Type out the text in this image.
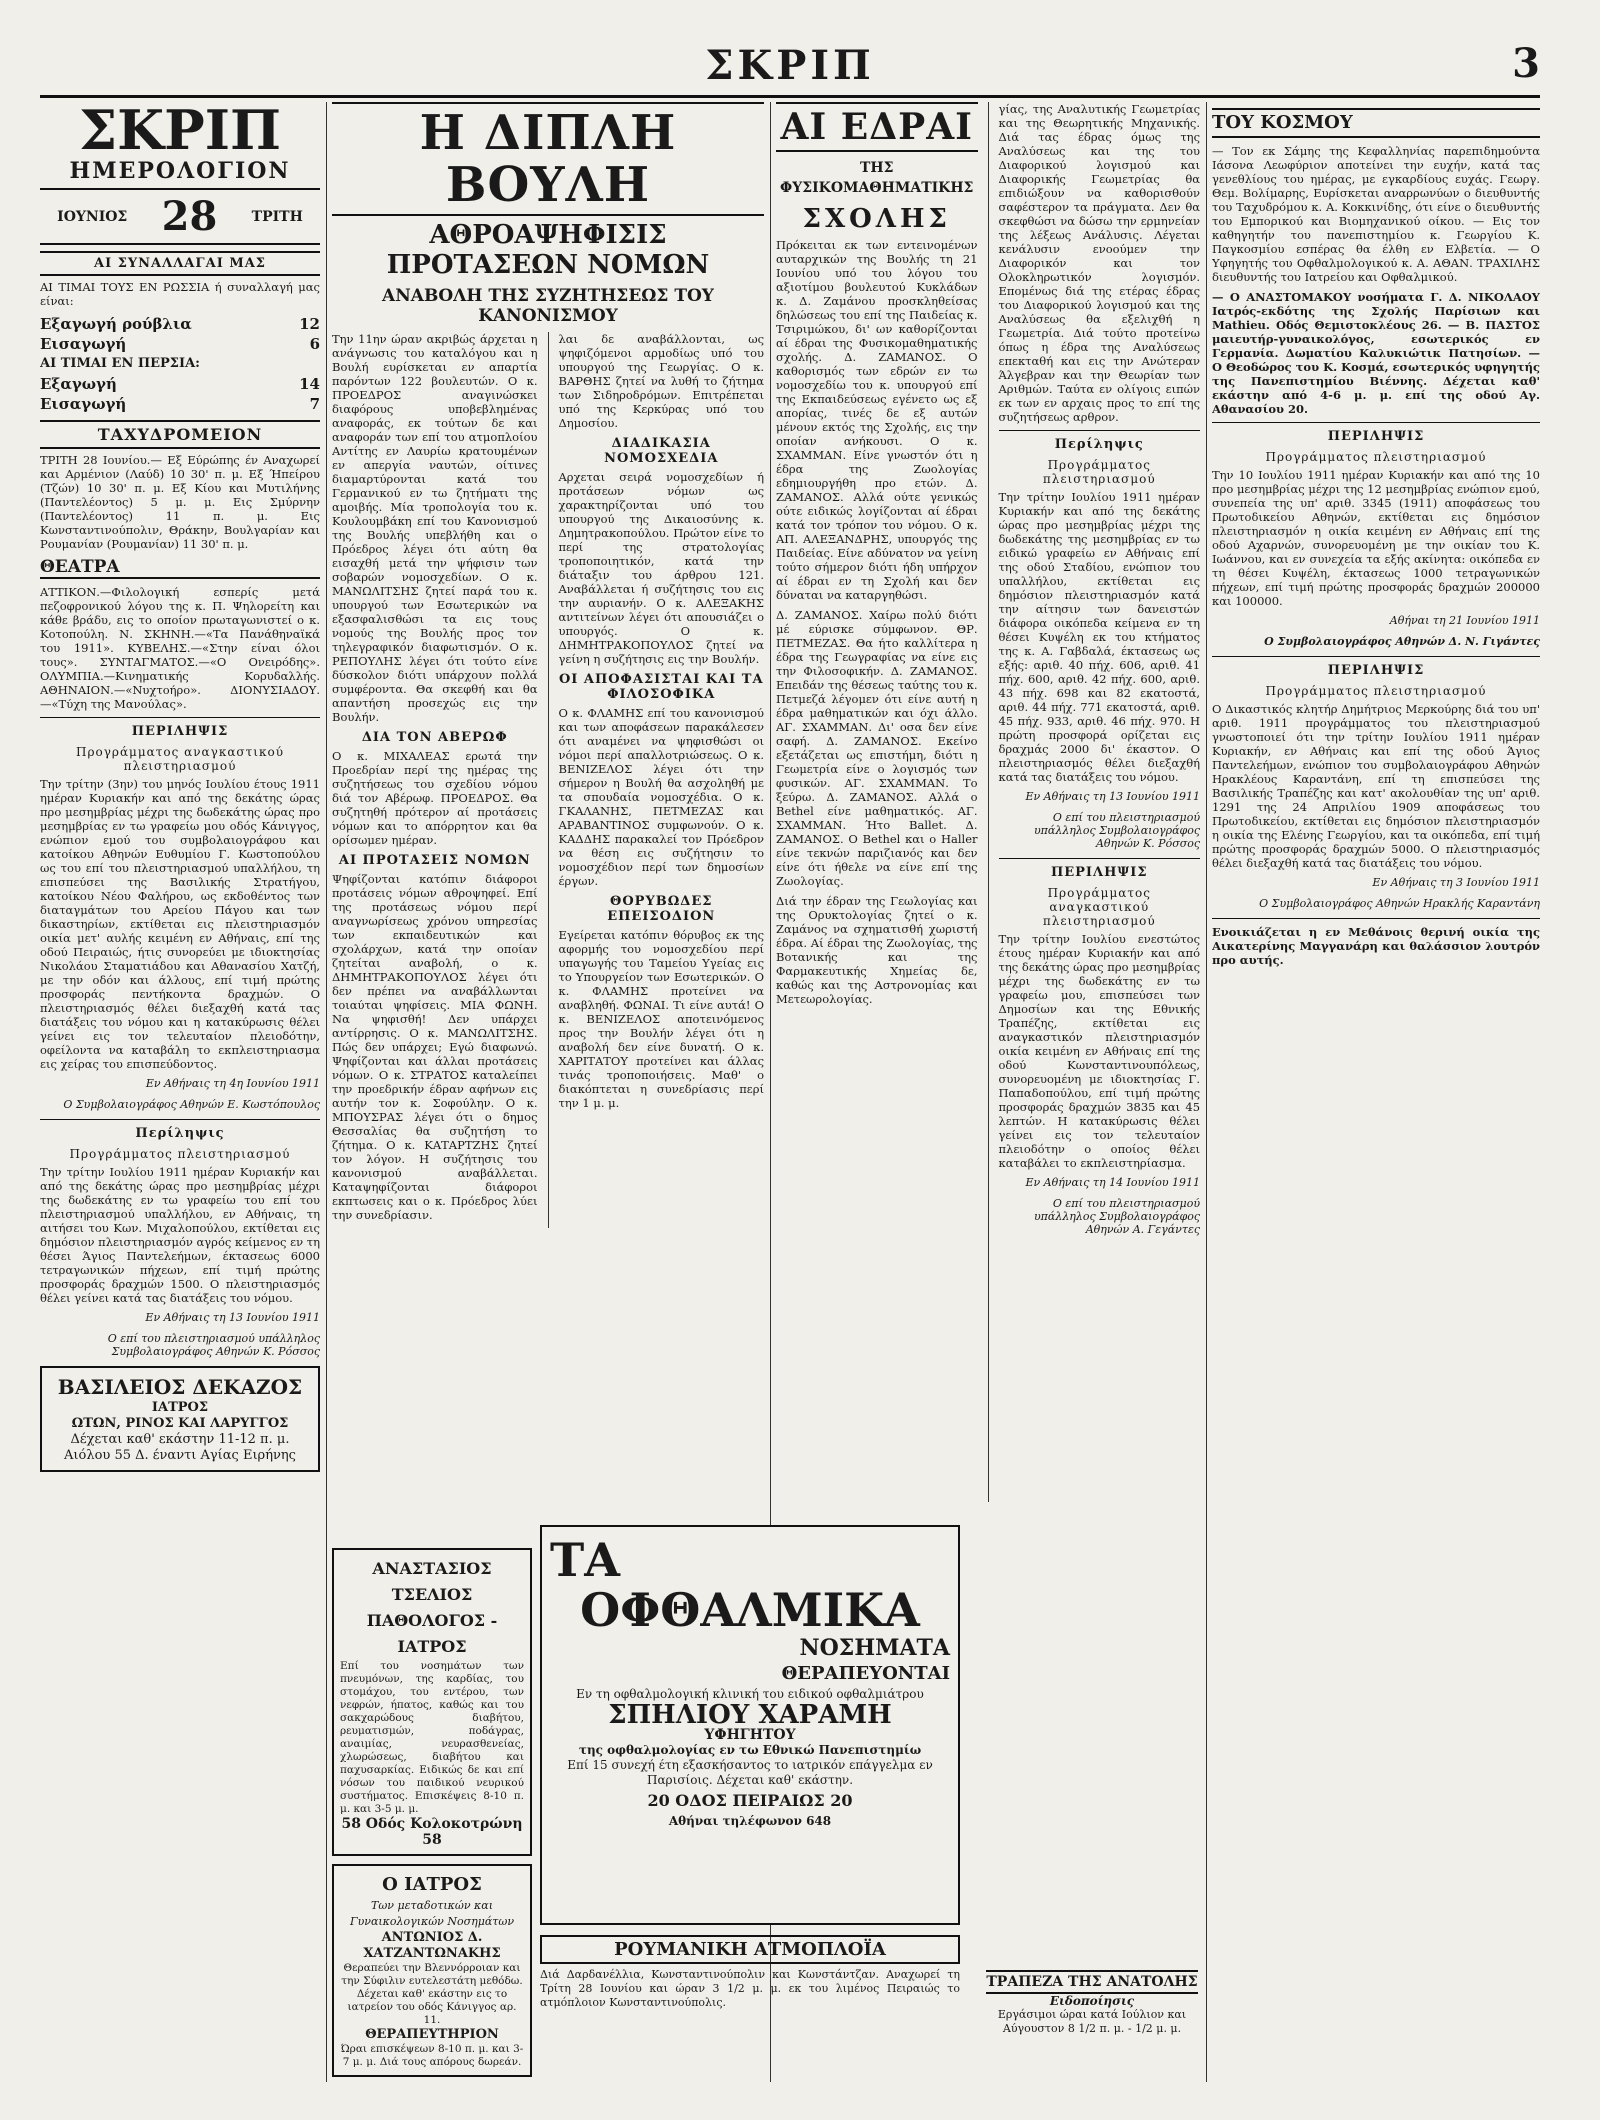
ΣΚΡΙΠ	3
ΣΚΡΙΠ
ΗΜΕΡΟΛΟΓΙΟΝ
ΙΟΥΝΙΟΣ 28 ΤΡΙΤΗ
ΑΙ ΣΥΝΑΛΛΑΓΑΙ ΜΑΣ

ΑΙ ΤΙΜΑΙ ΤΟΥΣ ΕΝ ΡΩΣΣΙΑ ή συναλλαγή μας είναι:

Εξαγωγή ρούβλια	12
Εισαγωγή	6
ΑΙ ΤΙΜΑΙ ΕΝ ΠΕΡΣΙΑ:
Εξαγωγή	14
Εισαγωγή	7
ΤΑΧΥΔΡΟΜΕΙΟΝ

ΤΡΙΤΗ 28 Ιουνίου.— Εξ Εύρώπης έν Αναχωρεί και Αρμένιον (Λαύδ) 10 30' π. μ. Εξ Ήπείρου (Τζών) 10 30' π. μ. Εξ Κίου και Μυτιλήνης (Παντελέοντος) 5 μ. μ. Εις Σμύρνην (Παντελέοντος) 11 π. μ. Εις Κωνσταντινούπολιν, Θράκην, Βουλγαρίαν και Ρουμανίαν (Ρουμανίαν) 11 30' π. μ.

ΘΕΑΤΡΑ

ΑΤΤΙΚΟΝ.—Φιλολογική εσπερίς μετά πεζοφρονικού λόγου της κ. Π. Ψηλορείτη και κάθε βράδυ, εις το οποίον πρωταγωνιστεί ο κ. Κοτοπούλη. Ν. ΣΚΗΝΗ.—«Τα Πανάθηναϊκά του 1911». ΚΥΒΕΛΗΣ.—«Στην είναι όλοι τους». ΣΥΝΤΑΓΜΑΤΟΣ.—«Ο Ονειρόδης». ΟΛΥΜΠΙΑ.—Κινηματικής Κορυδαλλής. ΑΘΗΝΑΙΟΝ.—«Νυχτοήρο». ΔΙΟΝΥΣΙΑΔΟΥ.—«Τύχη της Μανούλας».

ΠΕΡΙΛΗΨΙΣ
Προγράμματος αναγκαστικού πλειστηριασμού

Την τρίτην (3ην) του μηνός Ιουλίου έτους 1911 ημέραν Κυριακήν και από της δεκάτης ώρας προ μεσημβρίας μέχρι της δωδεκάτης ώρας προ μεσημβρίας εν τω γραφείω μου οδός Κάνιγγος, ενώπιον εμού του συμβολαιογράφου και κατοίκου Αθηνών Ευθυμίου Γ. Κωστοπούλου ως του επί του πλειστηριασμού υπαλλήλου, τη επισπεύσει της Βασιλικής Στρατήγου, κατοίκου Νέου Φαλήρου, ως εκδοθέντος των διαταγμάτων του Αρείου Πάγου και των δικαστηρίων, εκτίθεται εις πλειστηριασμόν οικία μετ' αυλής κειμένη εν Αθήναις, επί της οδού Πειραιώς, ήτις συνορεύει με ιδιοκτησίας Νικολάου Σταματιάδου και Αθανασίου Χατζή, με την οδόν και άλλους, επί τιμή πρώτης προσφοράς πεντήκοντα δραχμών. Ο πλειστηριασμός θέλει διεξαχθή κατά τας διατάξεις του νόμου και η κατακύρωσις θέλει γείνει εις τον τελευταίον πλειοδότην, οφείλοντα να καταβάλη το εκπλειστηριασμα εις χείρας του επισπεύδοντος.

Εν Αθήναις τη 4η Ιουνίου 1911
Ο Συμβολαιογράφος Αθηνών Ε. Κωστόπουλος
Περίληψις
Προγράμματος πλειστηριασμού

Την τρίτην Ιουλίου 1911 ημέραν Κυριακήν και από της δεκάτης ώρας προ μεσημβρίας μέχρι της δωδεκάτης εν τω γραφείω του επί του πλειστηριασμού υπαλλήλου, εν Αθήναις, τη αιτήσει του Κων. Μιχαλοπούλου, εκτίθεται εις δημόσιον πλειστηριασμόν αγρός κείμενος εν τη θέσει Άγιος Παντελεήμων, έκτασεως 6000 τετραγωνικών πήχεων, επί τιμή πρώτης προσφοράς δραχμών 1500. Ο πλειστηριασμός θέλει γείνει κατά τας διατάξεις του νόμου.

Εν Αθήναις τη 13 Ιουνίου 1911
Ο επί του πλειστηριασμού υπάλληλος Συμβολαιογράφος Αθηνών Κ. Ρόσσος
ΒΑΣΙΛΕΙΟΣ ΔΕΚΑΖΟΣ
ΙΑΤΡΟΣ
ΩΤΩΝ, ΡΙΝΟΣ ΚΑΙ ΛΑΡΥΓΓΟΣ
Δέχεται καθ' εκάστην 11-12 π. μ. Αιόλου 55 Δ. έναντι Αγίας Ειρήνης
Η ΔΙΠΛΗ ΒΟΥΛΗ
ΑΘΡΟΑΨΗΦΙΣΙΣ ΠΡΟΤΑΣΕΩΝ ΝΟΜΩΝ
ΑΝΑΒΟΛΗ ΤΗΣ ΣΥΖΗΤΗΣΕΩΣ ΤΟΥ ΚΑΝΟΝΙΣΜΟΥ

Την 11ην ώραν ακριβώς άρχεται η ανάγνωσις του καταλόγου και η Βουλή ευρίσκεται εν απαρτία παρόντων 122 βουλευτών. Ο κ. ΠΡΟΕΔΡΟΣ αναγινώσκει διαφόρους υποβεβλημένας αναφοράς, εκ τούτων δε και αναφοράν των επί του ατμοπλοίου Αντίτης εν Λαυρίω κρατουμένων εν απεργία ναυτών, οίτινες διαμαρτύρονται κατά του Γερμανικού εν τω ζητήματι της αμοιβής. Μία τροπολογία του κ. Κουλουμβάκη επί του Κανονισμού της Βουλής υπεβλήθη και ο Πρόεδρος λέγει ότι αύτη θα εισαχθή μετά την ψήφισιν των σοβαρών νομοσχεδίων. Ο κ. ΜΑΝΩΛΙΤΣΗΣ ζητεί παρά του κ. υπουργού των Εσωτερικών να εξασφαλισθώσι τα εις τους νομούς της Βουλής προς τον τηλεγραφικόν διαφωτισμόν. Ο κ. ΡΕΠΟΥΛΗΣ λέγει ότι τούτο είνε δύσκολον διότι υπάρχουν πολλά συμφέροντα. Θα σκεφθή και θα απαντήση προσεχώς εις την Βουλήν.

ΔΙΑ ΤΟΝ ΑΒΕΡΩΦ

Ο κ. ΜΙΧΑΛΕΑΣ ερωτά την Προεδρίαν περί της ημέρας της συζητήσεως του σχεδίου νόμου διά τον Αβέρωφ. ΠΡΟΕΔΡΟΣ. Θα συζητηθή πρότερον αί προτάσεις νόμων και το απόρρητον και θα ορίσωμεν ημέραν.

ΑΙ ΠΡΟΤΑΣΕΙΣ ΝΟΜΩΝ

Ψηφίζονται κατόπιν διάφοροι προτάσεις νόμων αθροψηφεί. Επί της προτάσεως νόμου περί αναγνωρίσεως χρόνου υπηρεσίας των εκπαιδευτικών και σχολάρχων, κατά την οποίαν ζητείται αναβολή, ο κ. ΔΗΜΗΤΡΑΚΟΠΟΥΛΟΣ λέγει ότι δεν πρέπει να αναβάλλωνται τοιαύται ψηφίσεις. ΜΙΑ ΦΩΝΗ. Να ψηφισθή! Δεν υπάρχει αντίρρησις. Ο κ. ΜΑΝΩΛΙΤΣΗΣ. Πώς δεν υπάρχει; Εγώ διαφωνώ. Ψηφίζονται και άλλαι προτάσεις νόμων. Ο κ. ΣΤΡΑΤΟΣ καταλείπει την προεδρικήν έδραν αφήνων εις αυτήν τον κ. Σοφούλην. Ο κ. ΜΠΟΥΣΡΑΣ λέγει ότι ο δημος Θεσσαλίας θα συζητήση το ζήτημα. Ο κ. ΚΑΤΑΡΤΖΗΣ ζητεί τον λόγον. Η συζήτησις του κανονισμού αναβάλλεται. Καταψηφίζονται διάφοροι εκπτωσεις και ο κ. Πρόεδρος λύει την συνεδρίασιν.

λαι δε αναβάλλονται, ως ψηφιζόμενοι αρμοδίως υπό του υπουργού της Γεωργίας. Ο κ. ΒΑΡΘΗΣ ζητεί να λυθή το ζήτημα των Σιδηροδρόμων. Επιτρέπεται υπό της Κερκύρας υπό του Δημοσίου.

ΔΙΑΔΙΚΑΣΙΑ ΝΟΜΟΣΧΕΔΙΑ

Αρχεται σειρά νομοσχεδίων ή προτάσεων νόμων ως χαρακτηρίζονται υπό του υπουργού της Δικαιοσύνης κ. Δημητρακοπούλου. Πρώτον είνε το περί της στρατολογίας τροποποιητικόν, κατά την διάταξιν του άρθρου 121. Αναβάλλεται ή συζήτησις του εις την αυριανήν. Ο κ. ΑΛΕΞΑΚΗΣ αντιτείνων λέγει ότι απουσιάζει ο υπουργός. Ο κ. ΔΗΜΗΤΡΑΚΟΠΟΥΛΟΣ ζητεί να γείνη η συζήτησις εις την Βουλήν.

ΟΙ ΑΠΟΦΑΣΙΣΤΑΙ ΚΑΙ ΤΑ ΦΙΛΟΣΟΦΙΚΑ

Ο κ. ΦΛΑΜΗΣ επί του κανονισμού και των αποφάσεων παρακάλεσεν ότι αναμένει να ψηφισθώσι οι νόμοι περί απαλλοτριώσεως. Ο κ. ΒΕΝΙΖΕΛΟΣ λέγει ότι την σήμερον η Βουλή θα ασχοληθή με τα σπουδαία νομοσχέδια. Ο κ. ΓΚΑΛΑΝΗΣ, ΠΕΤΜΕΖΑΣ και ΑΡΑΒΑΝΤΙΝΟΣ συμφωνούν. Ο κ. ΚΑΔΔΗΣ παρακαλεί τον Πρόεδρον να θέση εις συζήτησιν το νομοσχέδιον περί των δημοσίων έργων.

ΘΟΡΥΒΩΔΕΣ ΕΠΕΙΣΟΔΙΟΝ

Εγείρεται κατόπιν θόρυβος εκ της αφορμής του νομοσχεδίου περί υπαγωγής του Ταμείου Υγείας εις το Υπουργείον των Εσωτερικών. Ο κ. ΦΛΑΜΗΣ προτείνει να αναβληθή. ΦΩΝΑΙ. Τι είνε αυτά! Ο κ. ΒΕΝΙΖΕΛΟΣ αποτεινόμενος προς την Βουλήν λέγει ότι η αναβολή δεν είνε δυνατή. Ο κ. ΧΑΡΙΤΑΤΟΥ προτείνει και άλλας τινάς τροποποιήσεις. Μαθ' ο διακόπτεται η συνεδρίασις περί την 1 μ. μ.

ΑΝΑΣΤΑΣΙΟΣ ΤΣΕΛΙΟΣ
ΠΑΘΟΛΟΓΟΣ - ΙΑΤΡΟΣ
Επί του νοσημάτων των πνευμόνων, της καρδίας, του στομάχου, του εντέρου, των νεφρών, ήπατος, καθώς και του σακχαρώδους διαβήτου, ρευματισμών, ποδάγρας, αναιμίας, νευρασθενείας, χλωρώσεως, διαβήτου και παχυσαρκίας. Ειδικώς δε και επί νόσων του παιδικού νευρικού συστήματος. Επισκέψεις 8-10 π. μ. και 3-5 μ. μ.
58 Οδός Κολοκοτρώνη 58
Ο ΙΑΤΡΟΣ
Των μεταδοτικών και Γυναικολογικών Νοσημάτων
ΑΝΤΩΝΙΟΣ Δ. ΧΑΤΖΑΝΤΩΝΑΚΗΣ
Θεραπεύει την Βλεννόρροιαν και την Σύφιλιν ευτελεστάτη μεθόδω. Δέχεται καθ' εκάστην εις το ιατρείον του οδός Κάνιγγος αρ. 11.
ΘΕΡΑΠΕΥΤΗΡΙΟΝ
Ώραι επισκέψεων 8-10 π. μ. και 3-7 μ. μ. Διά τους απόρους δωρεάν.
ΤΑ
ΟΦΘΑΛΜΙΚΑ
ΝΟΣΗΜΑΤΑ
ΘΕΡΑΠΕΥΟΝΤΑΙ
Εν τη οφθαλμολογική κλινική του ειδικού οφθαλμιάτρου
ΣΠΗΛΙΟΥ ΧΑΡΑΜΗ
ΥΦΗΓΗΤΟΥ
της οφθαλμολογίας εν τω Εθνικώ Πανεπιστημίω
Επί 15 συνεχή έτη εξασκήσαντος το ιατρικόν επάγγελμα εν Παρισίοις. Δέχεται καθ' εκάστην.
20 ΟΔΟΣ ΠΕΙΡΑΙΩΣ 20
Αθήναι τηλέφωνον 648
ΡΟΥΜΑΝΙΚΗ ΑΤΜΟΠΛΟΪΑ
Διά Δαρδανέλλια, Κωνσταντινούπολιν και Κωνστάντζαν. Αναχωρεί τη Τρίτη 28 Ιουνίου και ώραν 3 1/2 μ. μ. εκ του λιμένος Πειραιώς το ατμόπλοιον Κωνσταντινούπολις.
ΑΙ ΕΔΡΑΙ
ΤΗΣ ΦΥΣΙΚΟΜΑΘΗΜΑΤΙΚΗΣ
ΣΧΟΛΗΣ

Πρόκειται εκ των εντεινομένων αυταρχικών της Βουλής τη 21 Ιουνίου υπό του λόγου του αξιοτίμου βουλευτού Κυκλάδων κ. Δ. Ζαμάνου προσκληθείσας δηλώσεως του επί της Παιδείας κ. Τσιριμώκου, δι' ων καθορίζονται αί έδραι της Φυσικομαθηματικής σχολής. Δ. ΖΑΜΑΝΟΣ. Ο καθορισμός των εδρών εν τω νομοσχεδίω του κ. υπουργού επί της Εκπαιδεύσεως εγένετο ως εξ απορίας, τινές δε εξ αυτών μένουν εκτός της Σχολής, εις την οποίαν ανήκουσι. Ο κ. ΣΧΑΜΜΑΝ. Είνε γνωστόν ότι η έδρα της Ζωολογίας εδημιουργήθη προ ετών. Δ. ΖΑΜΑΝΟΣ. Αλλά ούτε γενικώς ούτε ειδικώς λογίζονται αί έδραι κατά τον τρόπον του νόμου. Ο κ. ΑΠ. ΑΛΕΞΑΝΔΡΗΣ, υπουργός της Παιδείας. Είνε αδύνατον να γείνη τούτο σήμερον διότι ήδη υπήρχον αί έδραι εν τη Σχολή και δεν δύναται να καταργηθώσι.

Δ. ΖΑΜΑΝΟΣ. Χαίρω πολύ διότι μέ εύρισκε σύμφωνον. ΘΡ. ΠΕΤΜΕΖΑΣ. Θα ήτο καλλίτερα η έδρα της Γεωγραφίας να είνε εις την Φιλοσοφικήν. Δ. ΖΑΜΑΝΟΣ. Επειδάν της θέσεως ταύτης του κ. Πετμεζά λέγομεν ότι είνε αυτή η έδρα μαθηματικών και όχι άλλο. ΑΓ. ΣΧΑΜΜΑΝ. Δι' οσα δεν είνε σαφή. Δ. ΖΑΜΑΝΟΣ. Εκείνο εξετάζεται ως επιστήμη, διότι η Γεωμετρία είνε ο λογισμός των φυσικών. ΑΓ. ΣΧΑΜΜΑΝ. Το ξεύρω. Δ. ΖΑΜΑΝΟΣ. Αλλά ο Bethel είνε μαθηματικός. ΑΓ. ΣΧΑΜΜΑΝ. Ήτο Ballet. Δ. ΖΑΜΑΝΟΣ. Ο Bethel και ο Haller είνε τεκνών παριζιανός και δεν είνε ότι ήθελε να είνε επί της Ζωολογίας.

Διά την έδραν της Γεωλογίας και της Ορυκτολογίας ζητεί ο κ. Ζαμάνος να σχηματισθή χωριστή έδρα. Αί έδραι της Ζωολογίας, της Βοτανικής και της Φαρμακευτικής Χημείας δε, καθώς και της Αστρονομίας και Μετεωρολογίας.

γίας, της Αναλυτικής Γεωμετρίας και της Θεωρητικής Μηχανικής. Διά τας έδρας όμως της Αναλύσεως και της του Διαφορικού λογισμού και Διαφορικής Γεωμετρίας θα επιδιώξουν να καθορισθούν σαφέστερον τα πράγματα. Δεν θα σκεφθώσι να δώσω την ερμηνείαν της λέξεως Ανάλυσις. Λέγεται κενάλυσιν ενοούμεν την Διαφορικόν και τον Ολοκληρωτικόν λογισμόν. Επομένως διά της ετέρας έδρας του Διαφορικού λογισμού και της Αναλύσεως θα εξελιχθή η Γεωμετρία. Διά τούτο προτείνω όπως η έδρα της Αναλύσεως επεκταθή και εις την Ανώτεραν Άλγεβραν και την Θεωρίαν των Αριθμών. Ταύτα εν ολίγοις ειπών εκ των εν αρχαις προς το επί της συζητήσεως αρθρον.

Περίληψις
Προγράμματος πλειστηριασμού

Την τρίτην Ιουλίου 1911 ημέραν Κυριακήν και από της δεκάτης ώρας προ μεσημβρίας μέχρι της δωδεκάτης της μεσημβρίας εν τω ειδικώ γραφείω εν Αθήναις επί της οδού Σταδίου, ενώπιον του υπαλλήλου, εκτίθεται εις δημόσιον πλειστηριασμόν κατά την αίτησιν των δανειστών διάφορα οικόπεδα κείμενα εν τη θέσει Κυψέλη εκ του κτήματος της κ. Α. Γαβδαλά, έκτασεως ως εξής: αριθ. 40 πήχ. 606, αριθ. 41 πήχ. 600, αριθ. 42 πήχ. 600, αριθ. 43 πήχ. 698 και 82 εκατοστά, αριθ. 44 πήχ. 771 εκατοστά, αριθ. 45 πήχ. 933, αριθ. 46 πήχ. 970. Η πρώτη προσφορά ορίζεται εις δραχμάς 2000 δι' έκαστον. Ο πλειστηριασμός θέλει διεξαχθή κατά τας διατάξεις του νόμου.

Εν Αθήναις τη 13 Ιουνίου 1911
Ο επί του πλειστηριασμού υπάλληλος Συμβολαιογράφος Αθηνών Κ. Ρόσσος
ΠΕΡΙΛΗΨΙΣ
Προγράμματος αναγκαστικού πλειστηριασμού

Την τρίτην Ιουλίου ενεστώτος έτους ημέραν Κυριακήν και από της δεκάτης ώρας προ μεσημβρίας μέχρι της δωδεκάτης εν τω γραφείω μου, επισπεύσει των Δημοσίων και της Εθνικής Τραπέζης, εκτίθεται εις αναγκαστικόν πλειστηριασμόν οικία κειμένη εν Αθήναις επί της οδού Κωνσταντινουπόλεως, συνορευομένη με ιδιοκτησίας Γ. Παπαδοπούλου, επί τιμή πρώτης προσφοράς δραχμών 3835 και 45 λεπτών. Η κατακύρωσις θέλει γείνει εις τον τελευταίον πλειοδότην ο οποίος θέλει καταβάλει το εκπλειστηρίασμα.

Εν Αθήναις τη 14 Ιουνίου 1911
Ο επί του πλειστηριασμού υπάλληλος Συμβολαιογράφος Αθηνών Α. Γεγάντες
ΤΡΑΠΕΖΑ ΤΗΣ ΑΝΑΤΟΛΗΣ
Ειδοποίησις
Εργάσιμοι ώραι κατά Ιούλιον και Αύγουστον 8 1/2 π. μ. - 1/2 μ. μ.
ΤΟΥ ΚΟΣΜΟΥ

— Τον εκ Σάμης της Κεφαλληνίας παρεπιδημούντα Ιάσονα Λεωφύριον αποτείνει την ευχήν, κατά τας γενεθλίους του ημέρας, με εγκαρδίους ευχάς. Γεωργ. Θεμ. Βολίμαρης, Ευρίσκεται αναρρωνύων ο διευθυντής του Ταχυδρόμου κ. Α. Κοκκινίδης, ότι είνε ο διευθυντής του Εμπορικού και Βιομηχανικού οίκου. — Εις τον καθηγητήν του πανεπιστημίου κ. Γεωργίου Κ. Παγκοσμίου εσπέρας θα έλθη εν Ελβετία. — Ο Υφηγητής του Οφθαλμολογικού κ. Α. ΑΘΑΝ. ΤΡΑΧΙΛΗΣ διευθυντής του Ιατρείου και Οφθαλμικού.

— Ο ΑΝΑΣΤΟΜΑΚΟΥ νοσήματα Γ. Δ. ΝΙΚΟΛΑΟΥ Ιατρός-εκδότης της Σχολής Παρίσιων και Mathieu. Οδός Θεμιστοκλέους 26. — Β. ΠΑΣΤΟΣ μαιευτήρ-γυναικολόγος, εσωτερικός εν Γερμανία. Δωματίου Καλυκιώτικ Πατησίων. — Ο Θεοδώρος του Κ. Κοσμά, εσωτερικός υφηγητής της Πανεπιστημίου Βιέννης. Δέχεται καθ' εκάστην από 4-6 μ. μ. επί της οδού Αγ. Αθανασίου 20.

ΠΕΡΙΛΗΨΙΣ
Προγράμματος πλειστηριασμού

Την 10 Ιουλίου 1911 ημέραν Κυριακήν και από της 10 προ μεσημβρίας μέχρι της 12 μεσημβρίας ενώπιον εμού, συνεπεία της υπ' αριθ. 3345 (1911) αποφάσεως του Πρωτοδικείου Αθηνών, εκτίθεται εις δημόσιον πλειστηριασμόν η οικία κειμένη εν Αθήναις επί της οδού Αχαρνών, συνορευομένη με την οικίαν του Κ. Ιωάννου, και εν συνεχεία τα εξής ακίνητα: οικόπεδα εν τη θέσει Κυψέλη, έκτασεως 1000 τετραγωνικών πήχεων, επί τιμή πρώτης προσφοράς δραχμών 200000 και 100000.

Αθήναι τη 21 Ιουνίου 1911
Ο Συμβολαιογράφος Αθηνών Δ. Ν. Γιγάντες
ΠΕΡΙΛΗΨΙΣ
Προγράμματος πλειστηριασμού

Ο Δικαστικός κλητήρ Δημήτριος Μερκούρης διά του υπ' αριθ. 1911 προγράμματος του πλειστηριασμού γνωστοποιεί ότι την τρίτην Ιουλίου 1911 ημέραν Κυριακήν, εν Αθήναις και επί της οδού Άγιος Παντελεήμων, ενώπιον του συμβολαιογράφου Αθηνών Ηρακλέους Καραντάνη, επί τη επισπεύσει της Βασιλικής Τραπέζης και κατ' ακολουθίαν της υπ' αριθ. 1291 της 24 Απριλίου 1909 αποφάσεως του Πρωτοδικείου, εκτίθεται εις δημόσιον πλειστηριασμόν η οικία της Ελένης Γεωργίου, και τα οικόπεδα, επί τιμή πρώτης προσφοράς δραχμών 5000. Ο πλειστηριασμός θέλει διεξαχθή κατά τας διατάξεις του νόμου.

Εν Αθήναις τη 3 Ιουνίου 1911
Ο Συμβολαιογράφος Αθηνών Ηρακλής Καραντάνη

Ενοικιάζεται η εν Μεθάνοις θερινή οικία της Αικατερίνης Μαγγανάρη και θαλάσσιον λουτρόν προ αυτής.
